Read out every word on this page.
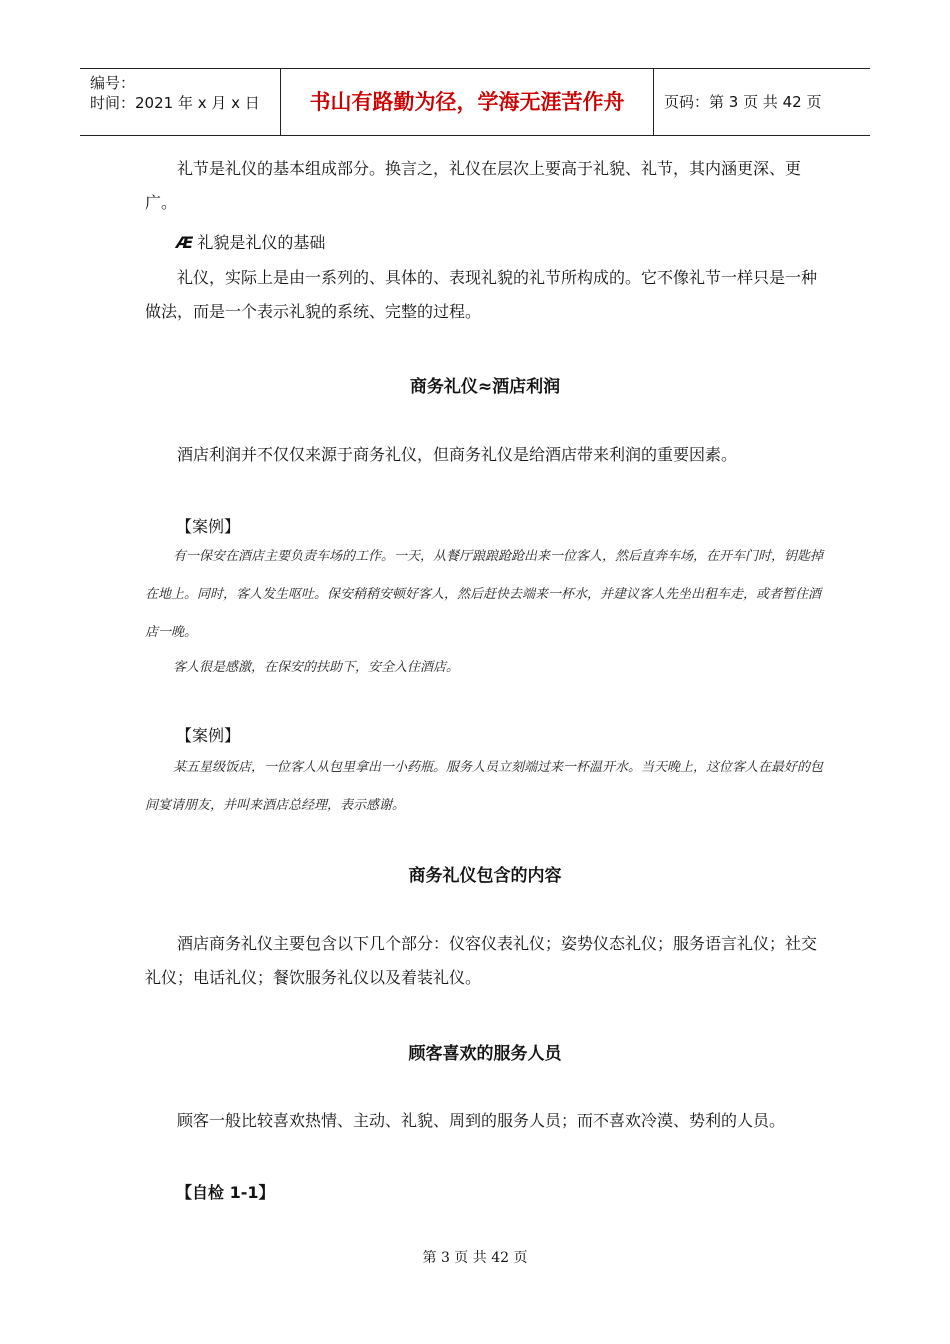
编号：
时间：2021 年 x 月 x 日	书山有路勤为径，学海无涯苦作舟	页码：第 3 页 共 42 页

礼节是礼仪的基本组成部分。换言之，礼仪在层次上要高于礼貌、礼节，其内涵更深、更广。

Æ 礼貌是礼仪的基础

礼仪，实际上是由一系列的、具体的、表现礼貌的礼节所构成的。它不像礼节一样只是一种做法，而是一个表示礼貌的系统、完整的过程。

商务礼仪≈酒店利润

酒店利润并不仅仅来源于商务礼仪，但商务礼仪是给酒店带来利润的重要因素。

【案例】

有一保安在酒店主要负责车场的工作。一天，从餐厅踉踉跄跄出来一位客人，然后直奔车场，在开车门时，钥匙掉在地上。同时，客人发生呕吐。保安稍稍安顿好客人，然后赶快去端来一杯水，并建议客人先坐出租车走，或者暂住酒店一晚。

客人很是感激，在保安的扶助下，安全入住酒店。

【案例】

某五星级饭店，一位客人从包里拿出一小药瓶。服务人员立刻端过来一杯温开水。当天晚上，这位客人在最好的包间宴请朋友，并叫来酒店总经理，表示感谢。

商务礼仪包含的内容

酒店商务礼仪主要包含以下几个部分：仪容仪表礼仪；姿势仪态礼仪；服务语言礼仪；社交礼仪；电话礼仪；餐饮服务礼仪以及着装礼仪。

顾客喜欢的服务人员

顾客一般比较喜欢热情、主动、礼貌、周到的服务人员；而不喜欢冷漠、势利的人员。

【自检 1-1】

第 3 页 共 42 页
